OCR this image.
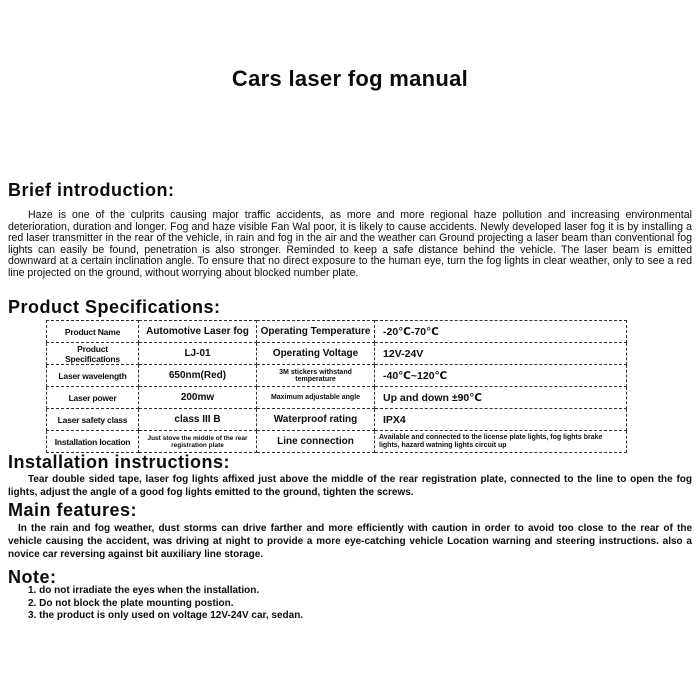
Cars laser fog manual
Brief introduction:
Haze is one of the culprits causing major traffic accidents, as more and more regional haze pollution and increasing environmental deterioration, duration and longer. Fog and haze visible Fan Wal poor, it is likely to cause accidents. Newly developed laser fog it is by installing a red laser transmitter in the rear of the vehicle, in rain and fog in the air and the weather can Ground projecting a laser beam than conventional fog lights can easily be found, penetration is also stronger. Reminded to keep a safe distance behind the vehicle. The laser beam is emitted downward at a certain inclination angle. To ensure that no direct exposure to the human eye, turn the fog lights in clear weather, only to see a red line projected on the ground, without worrying about blocked number plate.
Product Specifications:
Product Name	Automotive Laser fog	Operating Temperature	-20℃-70℃
Product Specifications	LJ-01	Operating Voltage	12V-24V
Laser wavelength	650nm(Red)	3M stickers withstand temperature	-40℃~120℃
Laser power	200mw	Maximum adjustable angle	Up and down ±90℃
Laser safety class	class III B	Waterproof rating	IPX4
Installation location	Just stove the middle of the rear registration plate	Line connection	Available and connected to the license plate lights, fog lights brake lights, hazard watning lights circuit up
Installation instructions:
Tear double sided tape, laser fog lights affixed just above the middle of the rear registration plate, connected to the line to open the fog lights, adjust the angle of a good fog lights emitted to the ground, tighten the screws.
Main features:
In the rain and fog weather, dust storms can drive farther and more efficiently with caution in order to avoid too close to the rear of the vehicle causing the accident, was driving at night to provide a more eye-catching vehicle Location warning and steering instructions. also a novice car reversing against bit auxiliary line storage.
Note:
1. do not irradiate the eyes when the installation.
2. Do not block the plate mounting postion.
3. the product is only used on voltage 12V-24V car, sedan.
